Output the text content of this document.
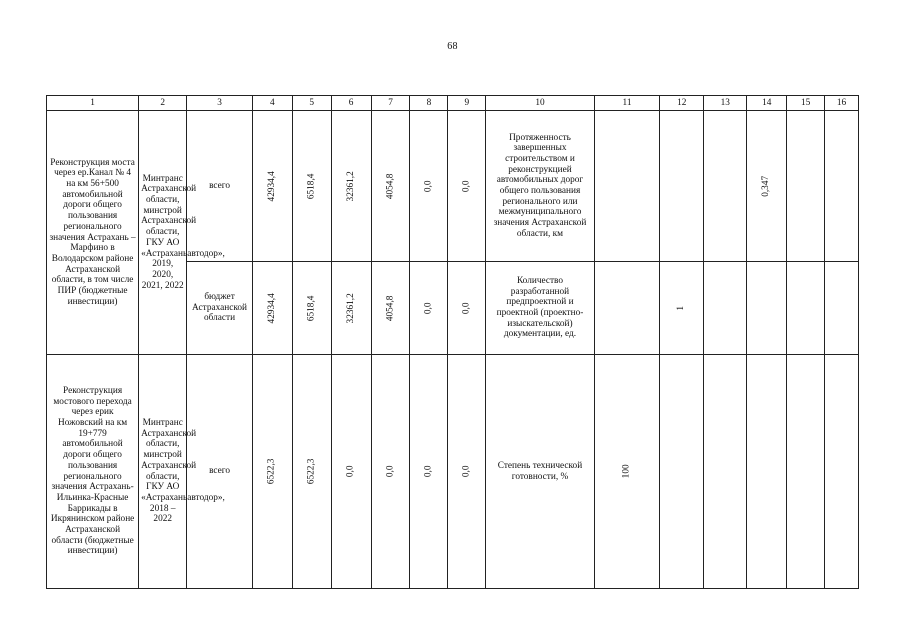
68
1	2	3	4	5	6	7	8	9	10	11	12	13	14	15	16

Реконструкция моста через ер.Канал № 4 на км 56+500 автомобильной дороги общего пользования регионального значения Астрахань – Марфино в Володарском районе Астраханской области, в том числе ПИР (бюджетные инвестиции)	Минтранс Астраханской области, минстрой Астраханской области, ГКУ АО «Астраханьавтодор», 2019, 2020, 2021, 2022	всего	42934,4	6518,4	32361,2	4054,8	0,0	0,0	Протяженность завершенных строительством и реконструкцией автомобильных дорог общего пользования регионального или межмуниципального значения Астраханской области, км				0,347		
		бюджет Астраханской области	42934,4	6518,4	32361,2	4054,8	0,0	0,0	Количество разработанной предпроектной и проектной (проектно-изыскательской) документации, ед.		1				

Реконструкция мостового перехода через ерик Ножовский на км 19+779 автомобильной дороги общего пользования регионального значения Астрахань-Ильинка-Красные Баррикады в Икрянинском районе Астраханской области (бюджетные инвестиции)	Минтранс Астраханской области, минстрой Астраханской области, ГКУ АО «Астраханьавтодор», 2018 – 2022	всего	6522,3	6522,3	0,0	0,0	0,0	0,0	Степень технической готовности, %	100					
